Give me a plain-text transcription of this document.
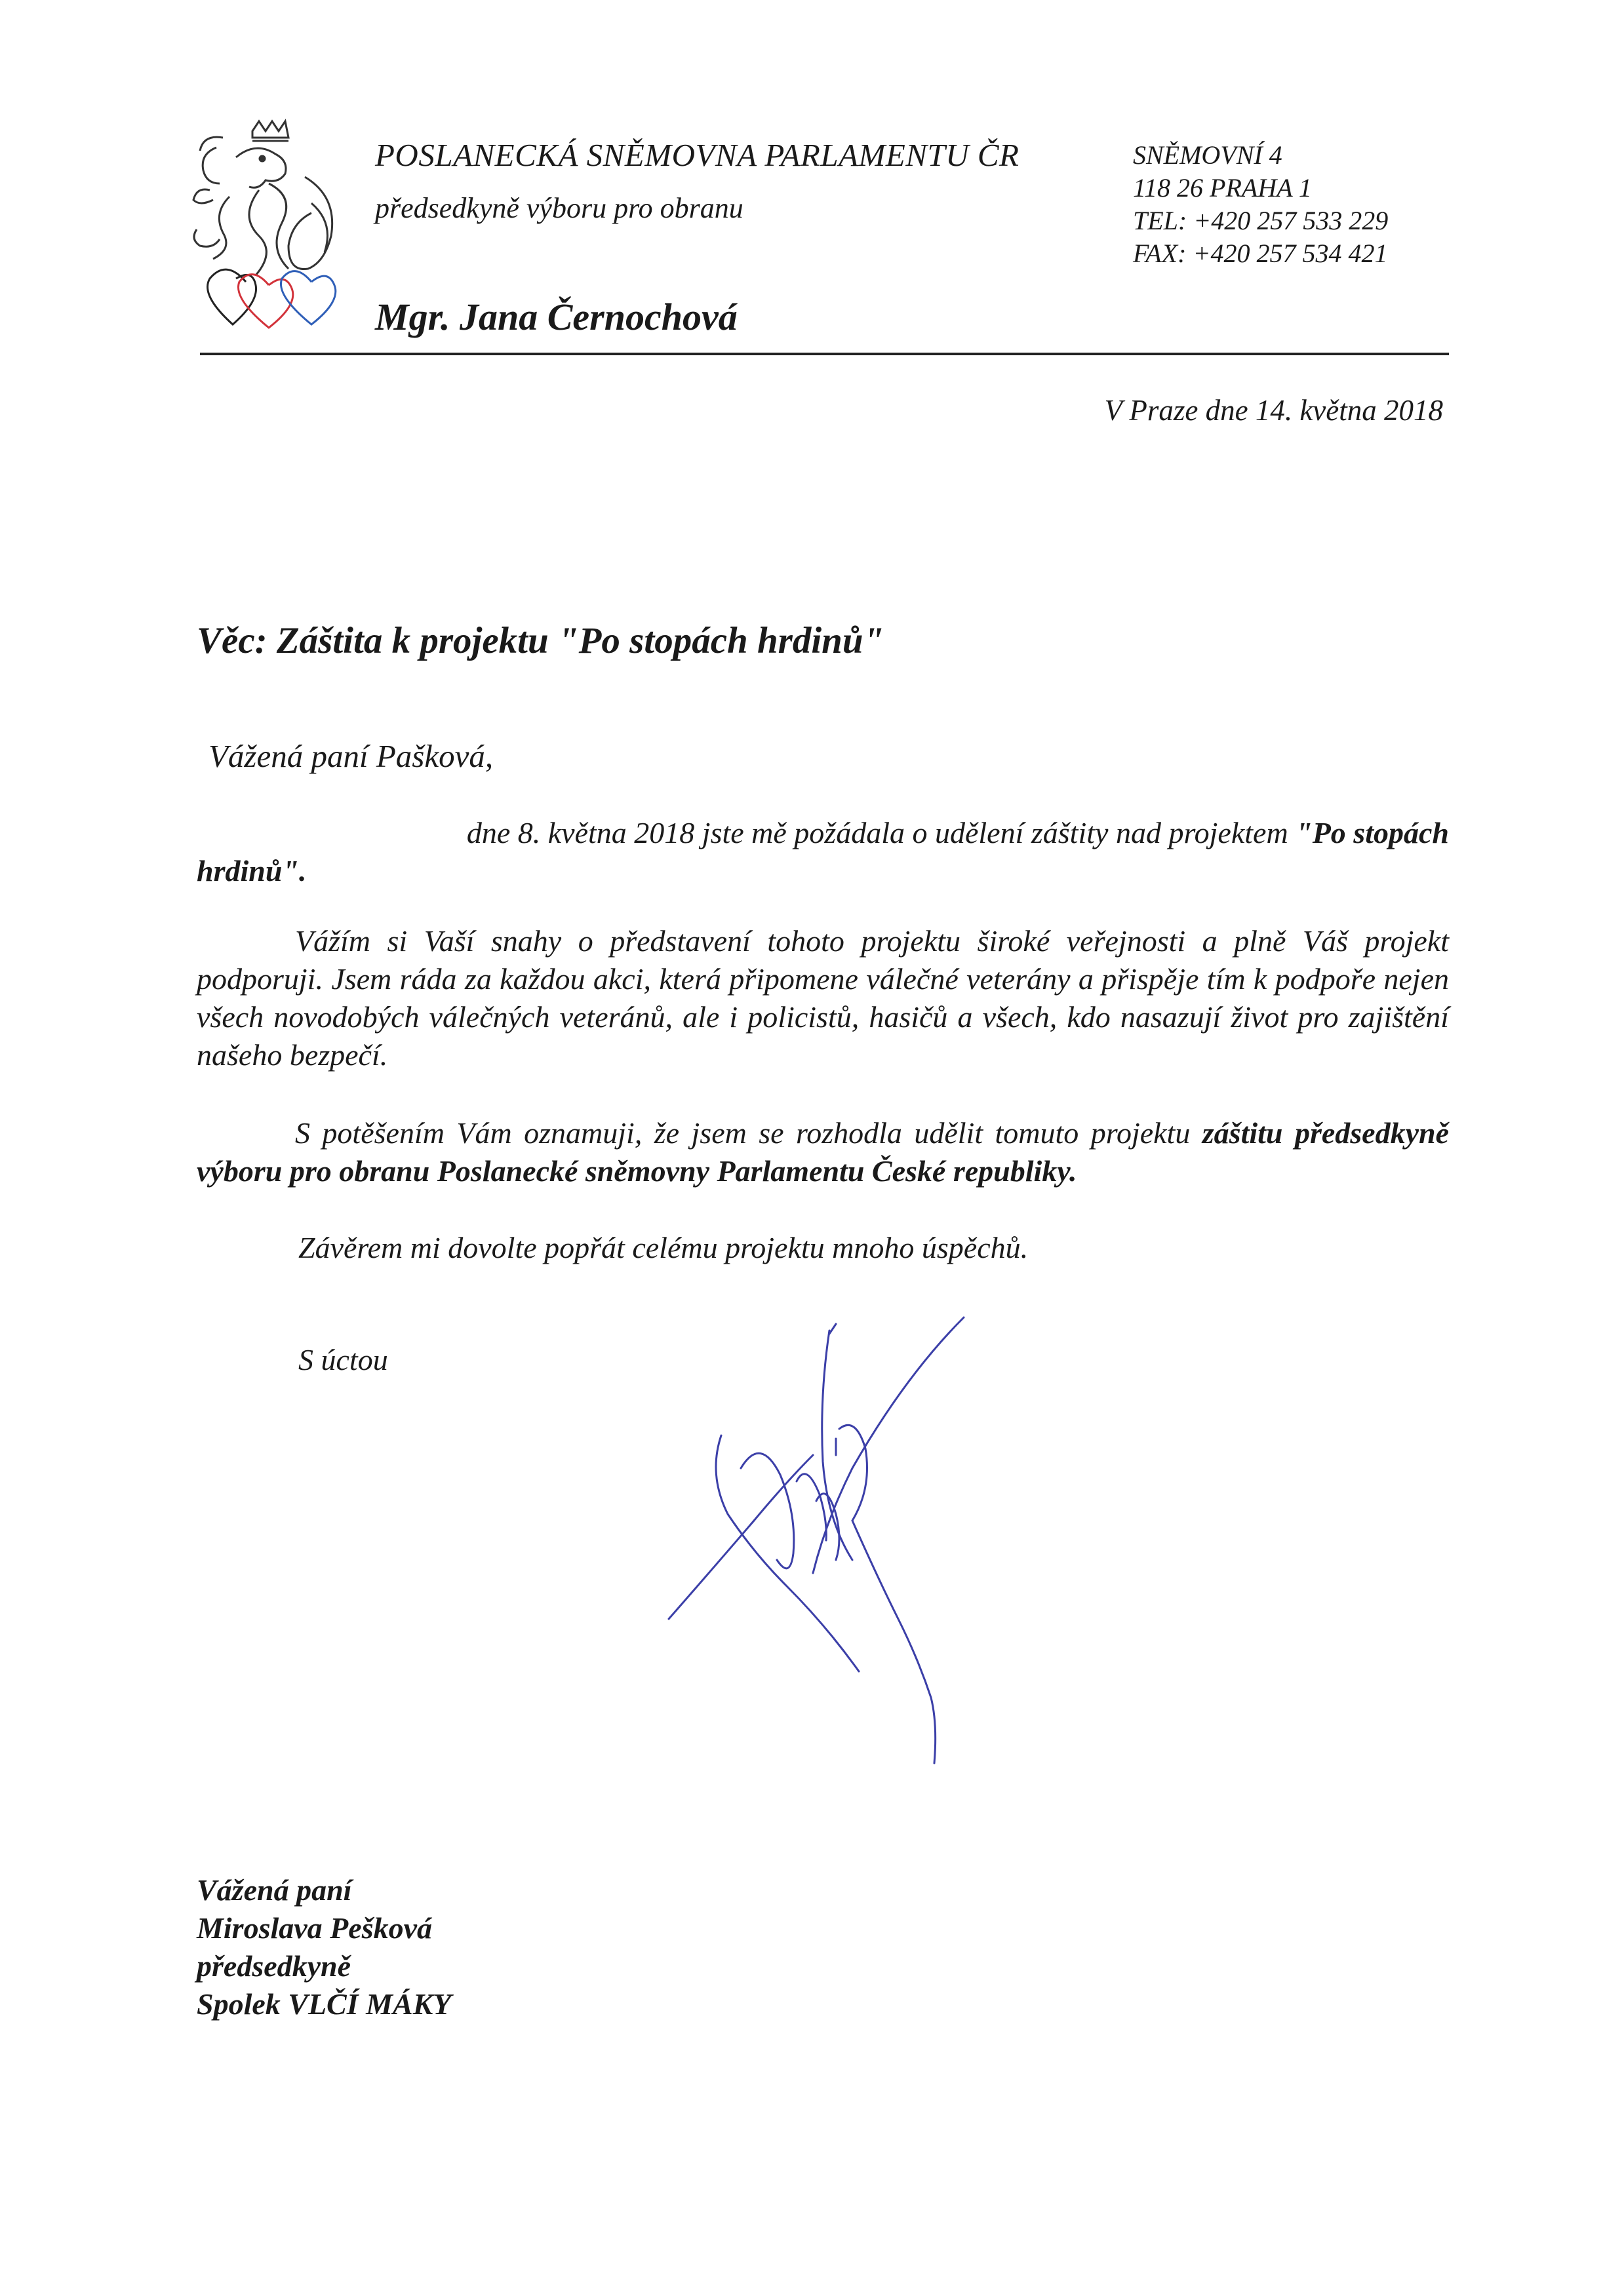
POSLANECKÁ SNĚMOVNA PARLAMENTU ČR
předsedkyně výboru pro obranu
Mgr. Jana Černochová
SNĚMOVNÍ 4
118 26 PRAHA 1
TEL: +420 257 533 229
FAX: +420 257 534 421
V Praze dne 14. května 2018
Věc: Záštita k projektu "Po stopách hrdinů"
Vážená paní Pašková,
dne 8. května 2018 jste mě požádala o udělení záštity nad projektem "Po stopách
hrdinů".
Vážím si Vaší snahy o představení tohoto projektu široké veřejnosti a plně Váš projekt podporuji. Jsem ráda za každou akci, která připomene válečné veterány a přispěje tím k podpoře nejen všech novodobých válečných veteránů, ale i policistů, hasičů a všech, kdo nasazují život pro zajištění našeho bezpečí.
S potěšením Vám oznamuji, že jsem se rozhodla udělit tomuto projektu záštitu předsedkyně výboru pro obranu Poslanecké sněmovny Parlamentu České republiky.
Závěrem mi dovolte popřát celému projektu mnoho úspěchů.
S úctou
Vážená paní
Miroslava Pešková
předsedkyně
Spolek VLČÍ MÁKY
